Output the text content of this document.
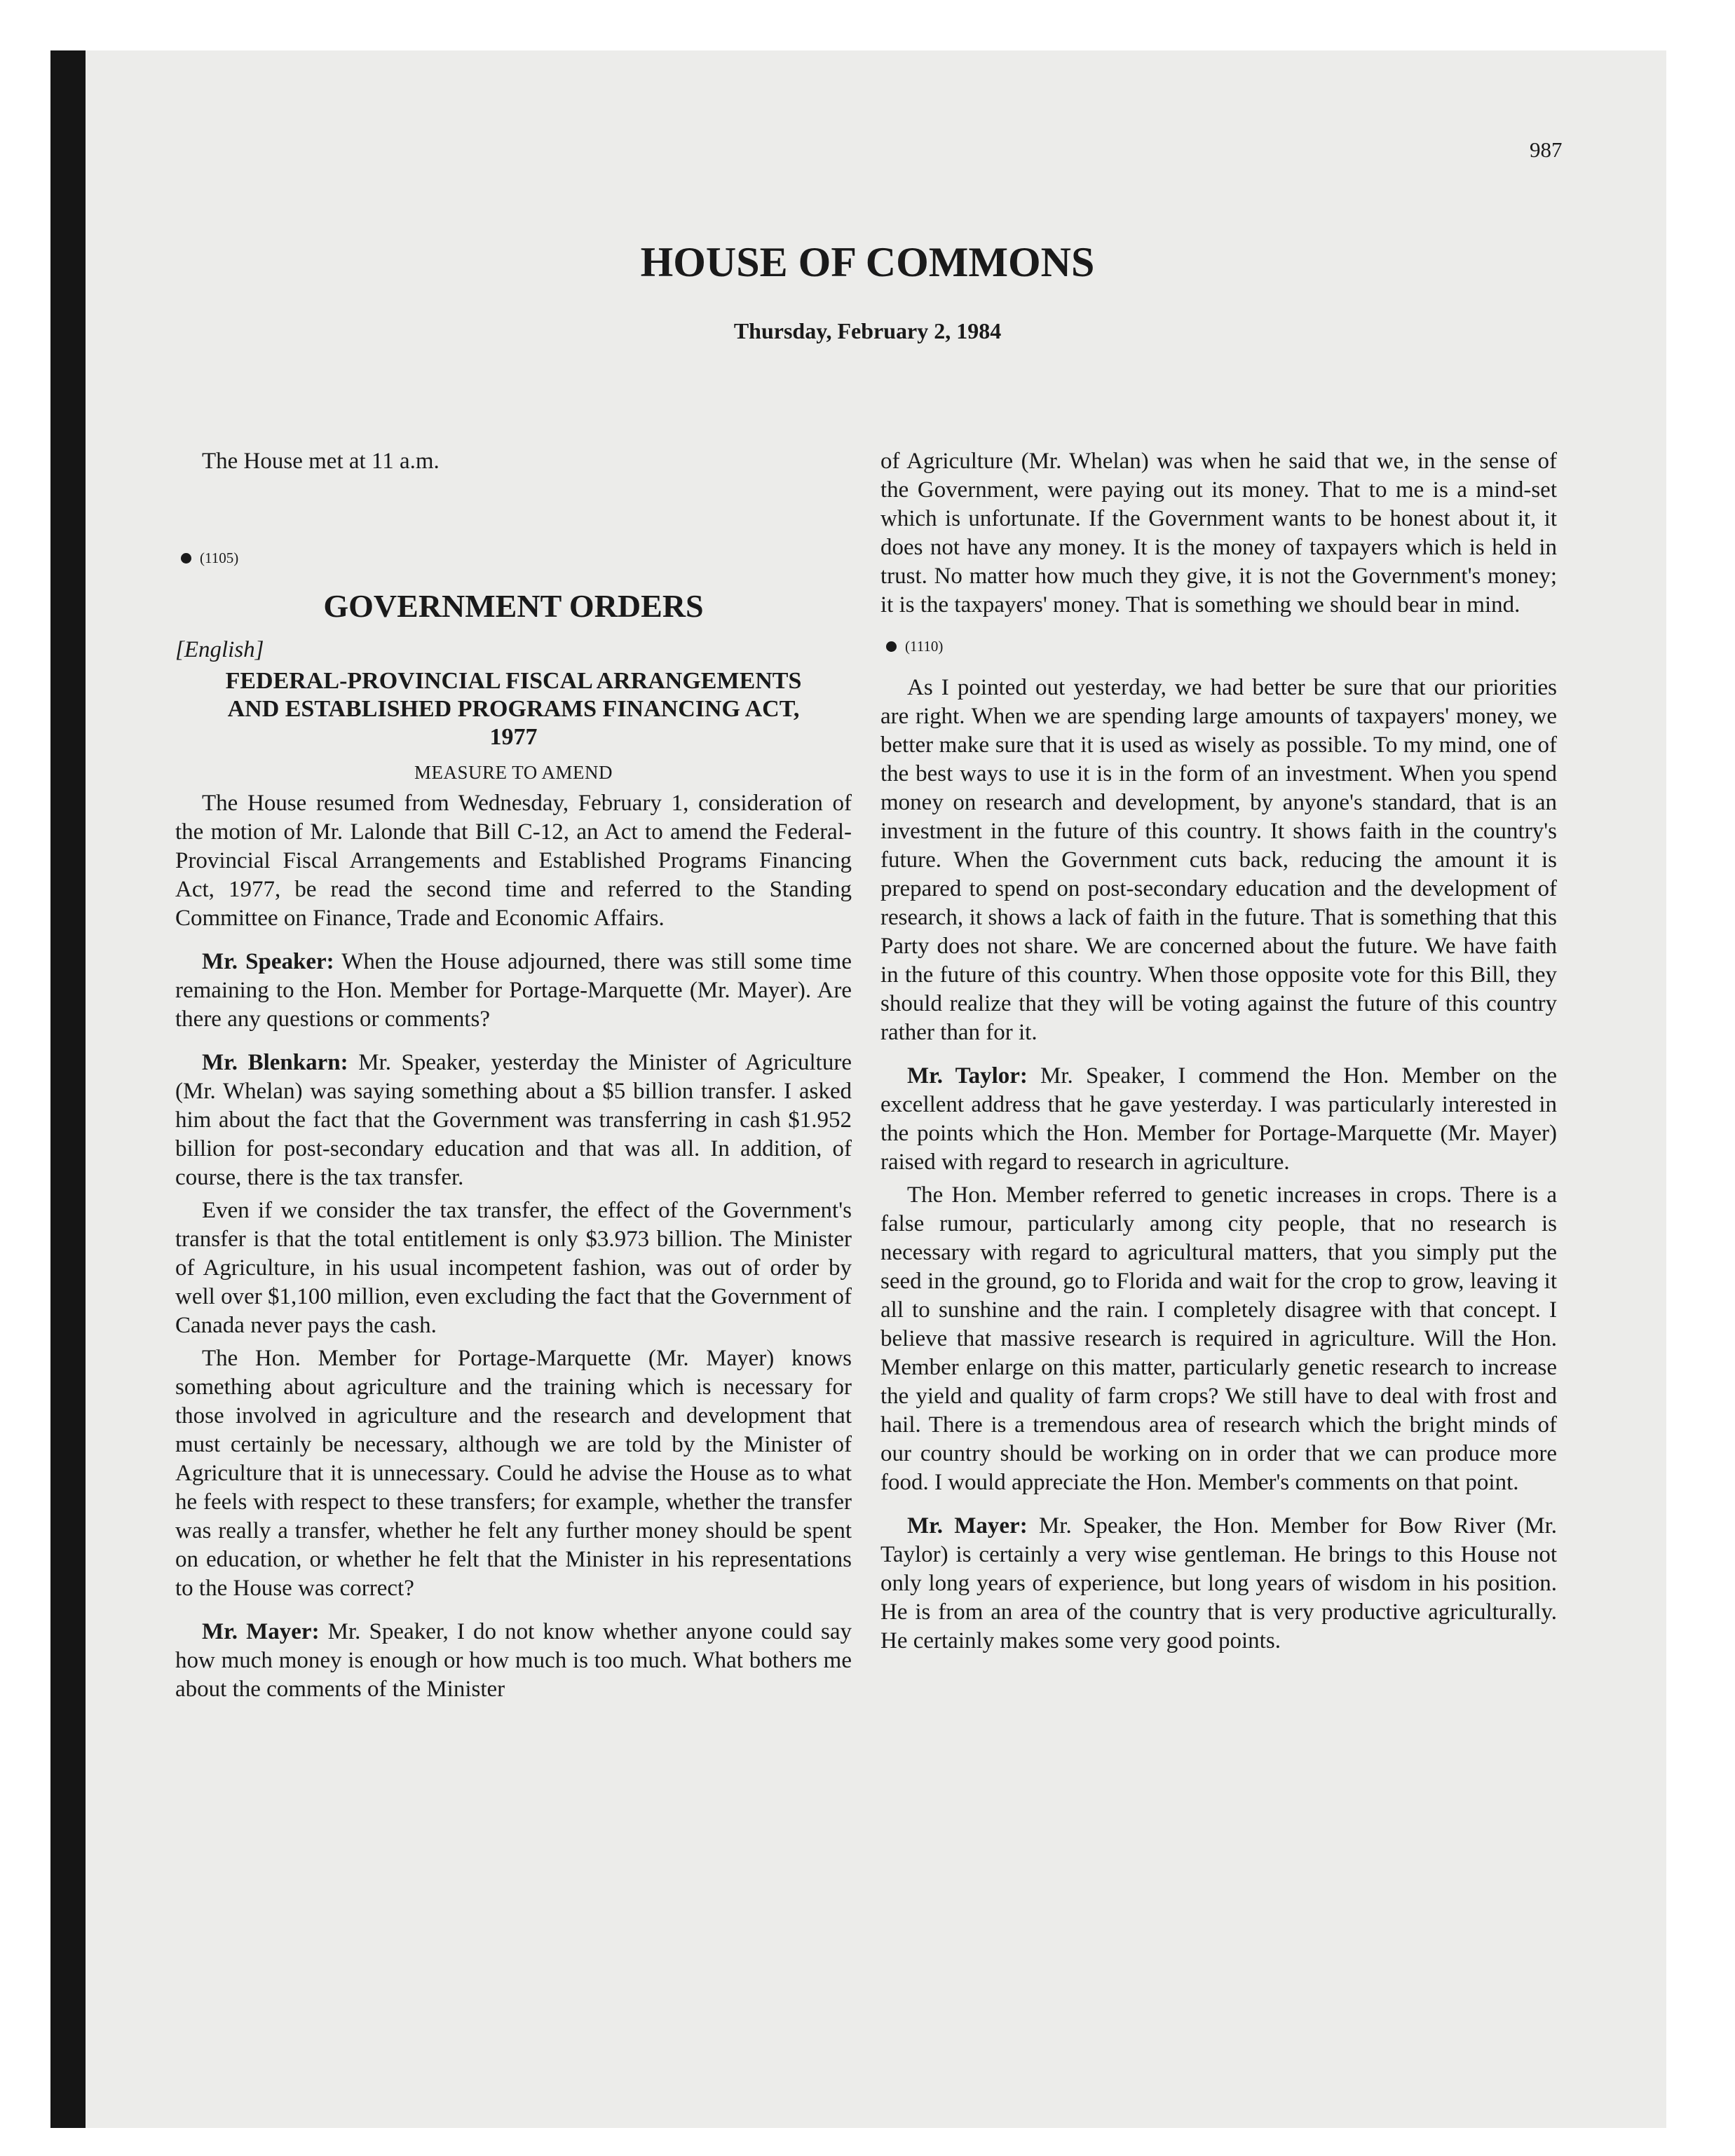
987
HOUSE OF COMMONS
Thursday, February 2, 1984

The House met at 11 a.m.

(1105)
GOVERNMENT ORDERS

[English]

FEDERAL-PROVINCIAL FISCAL ARRANGEMENTS
AND ESTABLISHED PROGRAMS FINANCING ACT,
1977
MEASURE TO AMEND

The House resumed from Wednesday, February 1, consideration of the motion of Mr. Lalonde that Bill C-12, an Act to amend the Federal-Provincial Fiscal Arrangements and Established Programs Financing Act, 1977, be read the second time and referred to the Standing Committee on Finance, Trade and Economic Affairs.

Mr. Speaker: When the House adjourned, there was still some time remaining to the Hon. Member for Portage-Marquette (Mr. Mayer). Are there any questions or comments?

Mr. Blenkarn: Mr. Speaker, yesterday the Minister of Agriculture (Mr. Whelan) was saying something about a $5 billion transfer. I asked him about the fact that the Government was transferring in cash $1.952 billion for post-secondary education and that was all. In addition, of course, there is the tax transfer.

Even if we consider the tax transfer, the effect of the Government's transfer is that the total entitlement is only $3.973 billion. The Minister of Agriculture, in his usual incompetent fashion, was out of order by well over $1,100 million, even excluding the fact that the Government of Canada never pays the cash.

The Hon. Member for Portage-Marquette (Mr. Mayer) knows something about agriculture and the training which is necessary for those involved in agriculture and the research and development that must certainly be necessary, although we are told by the Minister of Agriculture that it is unnecessary. Could he advise the House as to what he feels with respect to these transfers; for example, whether the transfer was really a transfer, whether he felt any further money should be spent on education, or whether he felt that the Minister in his representations to the House was correct?

Mr. Mayer: Mr. Speaker, I do not know whether anyone could say how much money is enough or how much is too much. What bothers me about the comments of the Minister

of Agriculture (Mr. Whelan) was when he said that we, in the sense of the Government, were paying out its money. That to me is a mind-set which is unfortunate. If the Government wants to be honest about it, it does not have any money. It is the money of taxpayers which is held in trust. No matter how much they give, it is not the Government's money; it is the taxpayers' money. That is something we should bear in mind.

(1110)

As I pointed out yesterday, we had better be sure that our priorities are right. When we are spending large amounts of taxpayers' money, we better make sure that it is used as wisely as possible. To my mind, one of the best ways to use it is in the form of an investment. When you spend money on research and development, by anyone's standard, that is an investment in the future of this country. It shows faith in the country's future. When the Government cuts back, reducing the amount it is prepared to spend on post-secondary education and the development of research, it shows a lack of faith in the future. That is something that this Party does not share. We are concerned about the future. We have faith in the future of this country. When those opposite vote for this Bill, they should realize that they will be voting against the future of this country rather than for it.

Mr. Taylor: Mr. Speaker, I commend the Hon. Member on the excellent address that he gave yesterday. I was particularly interested in the points which the Hon. Member for Portage-Marquette (Mr. Mayer) raised with regard to research in agriculture.

The Hon. Member referred to genetic increases in crops. There is a false rumour, particularly among city people, that no research is necessary with regard to agricultural matters, that you simply put the seed in the ground, go to Florida and wait for the crop to grow, leaving it all to sunshine and the rain. I completely disagree with that concept. I believe that massive research is required in agriculture. Will the Hon. Member enlarge on this matter, particularly genetic research to increase the yield and quality of farm crops? We still have to deal with frost and hail. There is a tremendous area of research which the bright minds of our country should be working on in order that we can produce more food. I would appreciate the Hon. Member's comments on that point.

Mr. Mayer: Mr. Speaker, the Hon. Member for Bow River (Mr. Taylor) is certainly a very wise gentleman. He brings to this House not only long years of experience, but long years of wisdom in his position. He is from an area of the country that is very productive agriculturally. He certainly makes some very good points.
